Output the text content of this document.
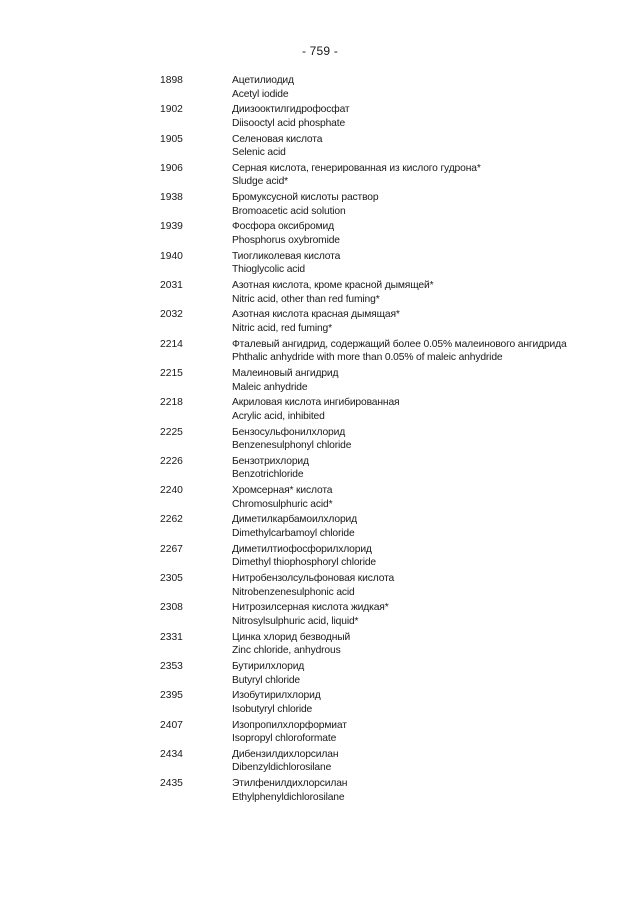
- 759 -
1898	Ацетилиодид
Acetyl iodide
1902	Диизооктилгидрофосфат
Diisooctyl acid phosphate
1905	Селеновая кислота
Selenic acid
1906	Серная кислота, генерированная из кислого гудрона*
Sludge acid*
1938	Бромуксусной кислоты раствор
Bromoacetic acid solution
1939	Фосфора оксибромид
Phosphorus oxybromide
1940	Тиогликолевая кислота
Thioglycolic acid
2031	Азотная кислота, кроме красной дымящей*
Nitric acid, other than red fuming*
2032	Азотная кислота красная дымящая*
Nitric acid, red fuming*
2214	Фталевый ангидрид, содержащий более 0.05% малеинового ангидрида
Phthalic anhydride with more than 0.05% of maleic anhydride
2215	Малеиновый ангидрид
Maleic anhydride
2218	Акриловая кислота ингибированная
Acrylic acid, inhibited
2225	Бензосульфонилхлорид
Benzenesulphonyl chloride
2226	Бензотрихлорид
Benzotrichloride
2240	Хромсерная* кислота
Chromosulphuric acid*
2262	Диметилкарбамоилхлорид
Dimethylcarbamoyl chloride
2267	Диметилтиофосфорилхлорид
Dimethyl thiophosphoryl chloride
2305	Нитробензолсульфоновая кислота
Nitrobenzenesulphonic acid
2308	Нитрозилсерная кислота жидкая*
Nitrosylsulphuric acid, liquid*
2331	Цинка хлорид безводный
Zinc chloride, anhydrous
2353	Бутирилхлорид
Butyryl chloride
2395	Изобутирилхлорид
Isobutyryl chloride
2407	Изопропилхлорформиат
Isopropyl chloroformate
2434	Дибензилдихлорсилан
Dibenzyldichlorosilane
2435	Этилфенилдихлорсилан
Ethylphenyldichlorosilane
